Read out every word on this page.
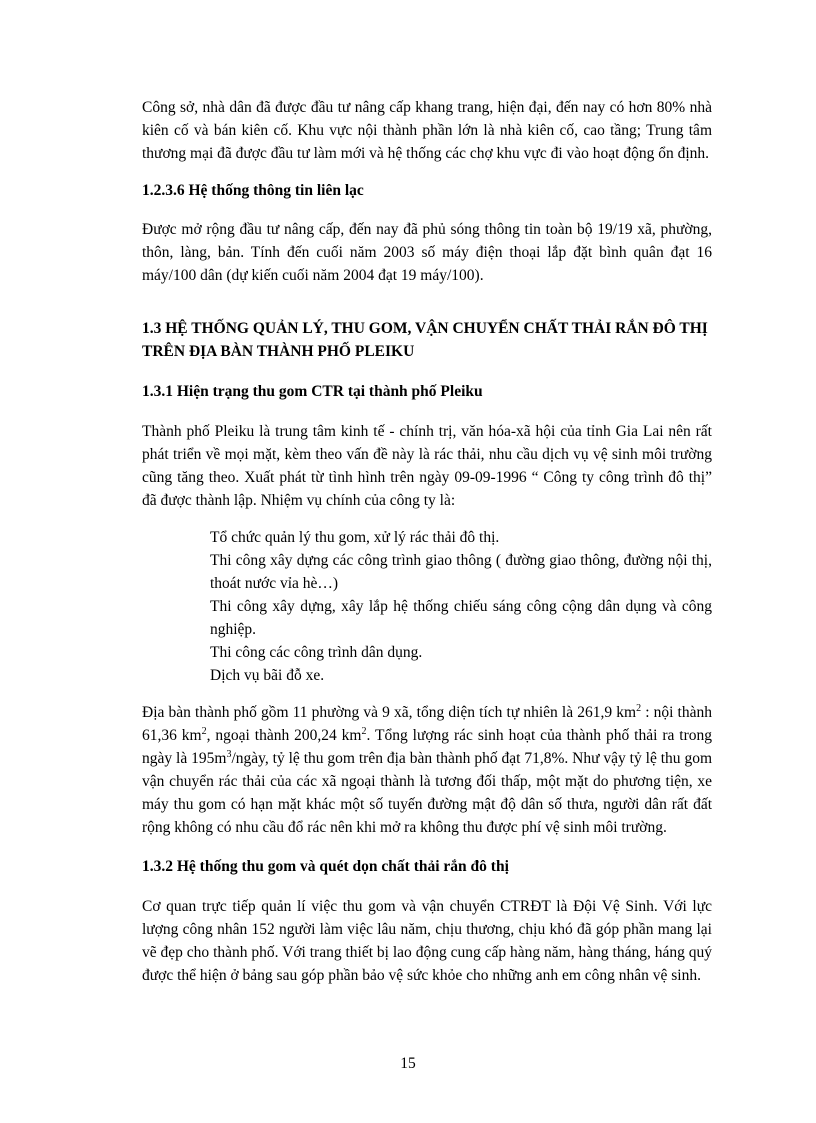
Công sở, nhà dân đã được đầu tư nâng cấp khang trang, hiện đại, đến nay có hơn 80% nhà kiên cố và bán kiên cố. Khu vực nội thành phần lớn là nhà kiên cố, cao tầng; Trung tâm thương mại đã được đầu tư làm mới và hệ thống các chợ khu vực đi vào hoạt động ổn định.

1.2.3.6 Hệ thống thông tin liên lạc

Được mở rộng đầu tư nâng cấp, đến nay đã phủ sóng thông tin toàn bộ 19/19 xã, phường, thôn, làng, bản. Tính đến cuối năm 2003 số máy điện thoại lắp đặt bình quân đạt 16 máy/100 dân (dự kiến cuối năm 2004 đạt 19 máy/100).

1.3 HỆ THỐNG QUẢN LÝ, THU GOM, VẬN CHUYỂN CHẤT THẢI RẮN ĐÔ THỊ TRÊN ĐỊA BÀN THÀNH PHỐ PLEIKU
1.3.1 Hiện trạng thu gom CTR tại thành phố Pleiku

Thành phố Pleiku là trung tâm kinh tế - chính trị, văn hóa-xã hội của tỉnh Gia Lai nên rất phát triển về mọi mặt, kèm theo vấn đề này là rác thải, nhu cầu dịch vụ vệ sinh môi trường cũng tăng theo. Xuất phát từ tình hình trên ngày 09-09-1996 “ Công ty công trình đô thị” đã được thành lập. Nhiệm vụ chính của công ty là:

Tổ chức quản lý thu gom, xử lý rác thải đô thị.
Thi công xây dựng các công trình giao thông ( đường giao thông, đường nội thị, thoát nước vỉa hè…)
Thi công xây dựng, xây lắp hệ thống chiếu sáng công cộng dân dụng và công nghiệp.
Thi công các công trình dân dụng.
Dịch vụ bãi đỗ xe.

Địa bàn thành phố gồm 11 phường và 9 xã, tổng diện tích tự nhiên là 261,9 $km^2$ : nội thành 61,36 $km^2$, ngoại thành 200,24 $km^2$. Tổng lượng rác sinh hoạt của thành phố thải ra trong ngày là $195m^3$/ngày, tỷ lệ thu gom trên địa bàn thành phố đạt 71,8%. Như vậy tỷ lệ thu gom vận chuyển rác thải của các xã ngoại thành là tương đối thấp, một mặt do phương tiện, xe máy thu gom có hạn mặt khác một số tuyến đường mật độ dân số thưa, người dân rất đất rộng không có nhu cầu đổ rác nên khi mở ra không thu được phí vệ sinh môi trường.

1.3.2 Hệ thống thu gom và quét dọn chất thải rắn đô thị

Cơ quan trực tiếp quản lí việc thu gom và vận chuyển CTRĐT là Đội Vệ Sinh. Với lực lượng công nhân 152 người làm việc lâu năm, chịu thương, chịu khó đã góp phần mang lại vẽ đẹp cho thành phố. Với trang thiết bị lao động cung cấp hàng năm, hàng tháng, háng quý được thể hiện ở bảng sau góp phần bảo vệ sức khỏe cho những anh em công nhân vệ sinh.

15
